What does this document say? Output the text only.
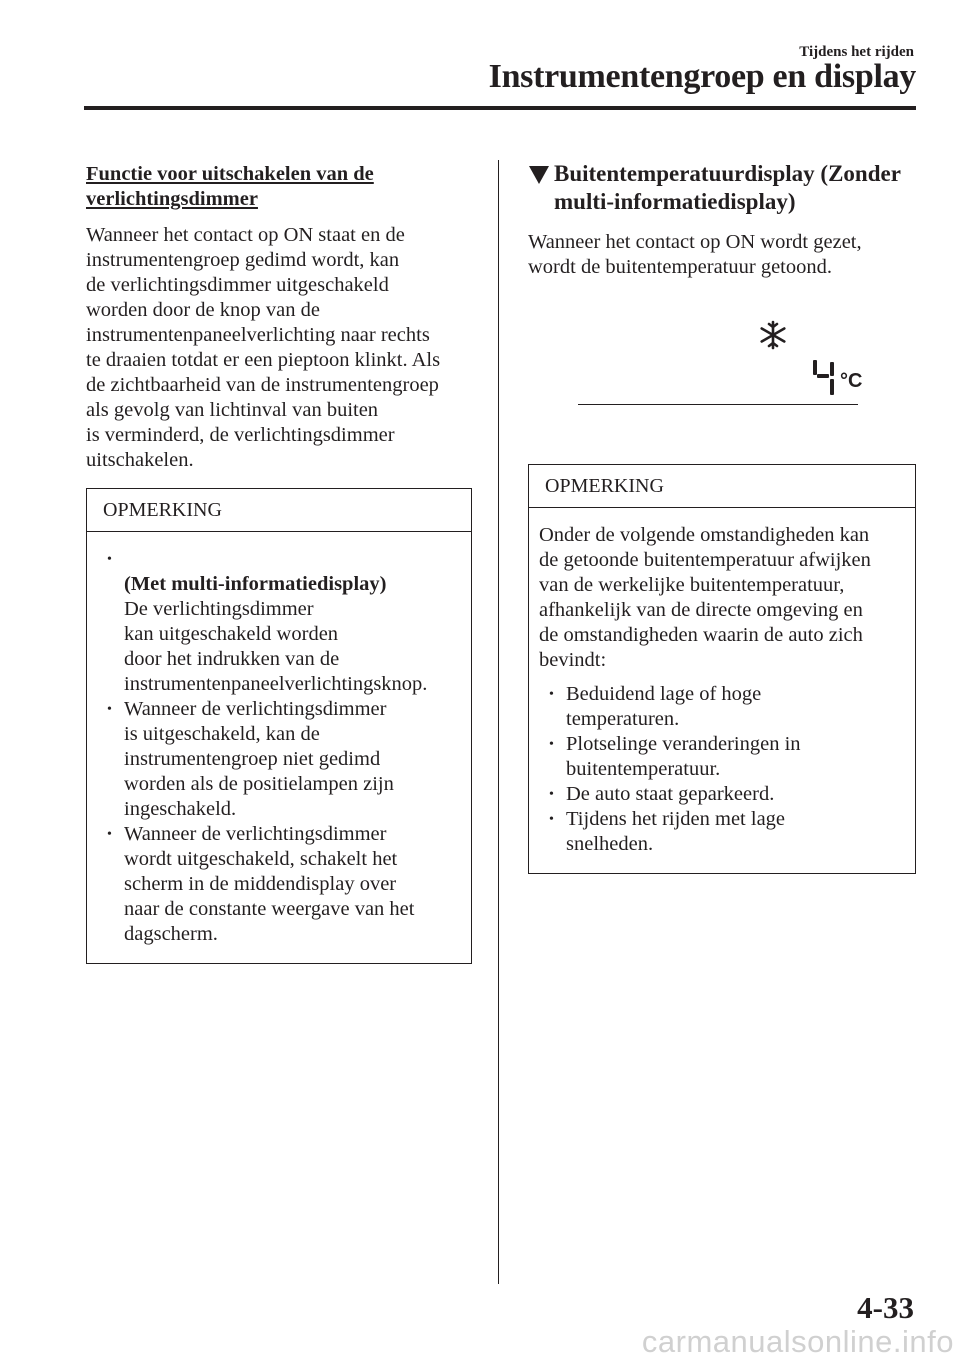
Tijdens het rijden
Instrumentengroep en display
Functie voor uitschakelen van de
verlichtingsdimmer

Wanneer het contact op ON staat en de
instrumentengroep gedimd wordt, kan
de verlichtingsdimmer uitgeschakeld
worden door de knop van de
instrumentenpaneelverlichting naar rechts
te draaien totdat er een pieptoon klinkt. Als
de zichtbaarheid van de instrumentengroep
als gevolg van lichtinval van buiten
is verminderd, de verlichtingsdimmer
uitschakelen.

OPMERKING

• (Met multi-informatiedisplay)
De verlichtingsdimmer
kan uitgeschakeld worden
door het indrukken van de
instrumentenpaneelverlichtingsknop.

• Wanneer de verlichtingsdimmer
is uitgeschakeld, kan de
instrumentengroep niet gedimd
worden als de positielampen zijn
ingeschakeld.
• Wanneer de verlichtingsdimmer
wordt uitgeschakeld, schakelt het
scherm in de middendisplay over
naar de constante weergave van het
dagscherm.
Buitentemperatuurdisplay (Zonder
multi-informatiedisplay)

Wanneer het contact op ON wordt gezet,
wordt de buitentemperatuur getoond.

°C
OPMERKING

Onder de volgende omstandigheden kan
de getoonde buitentemperatuur afwijken
van de werkelijke buitentemperatuur,
afhankelijk van de directe omgeving en
de omstandigheden waarin de auto zich
bevindt:

• Beduidend lage of hoge
temperaturen.
• Plotselinge veranderingen in
buitentemperatuur.
• De auto staat geparkeerd.
• Tijdens het rijden met lage
snelheden.
4-33
carmanualsonline.info
